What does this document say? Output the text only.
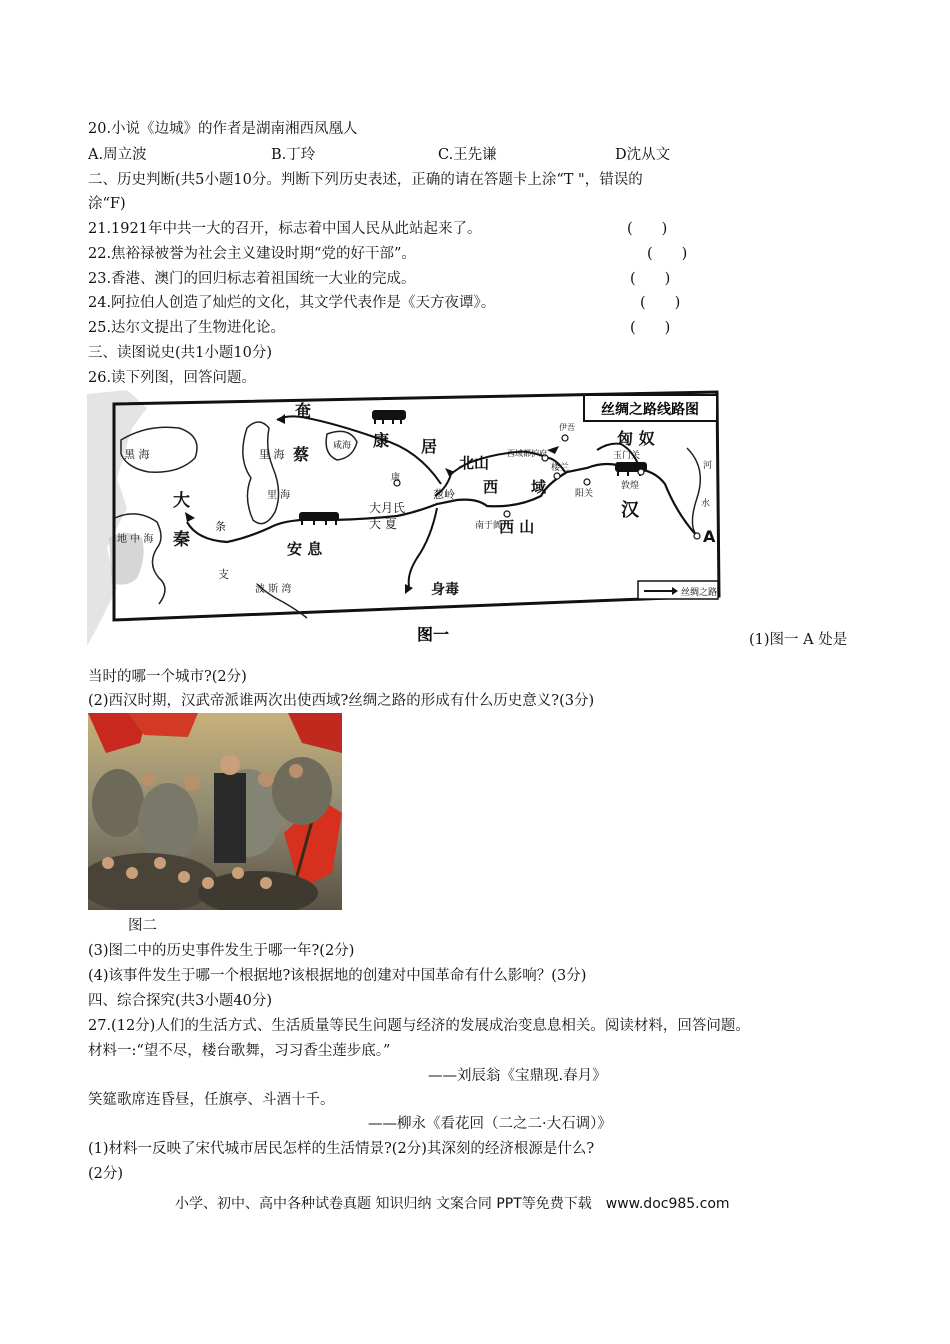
20.小说《边城》的作者是湖南湘西凤凰人
A.周立波	B.丁玲	C.王先谦	D沈从文
二、历史判断(共5小题10分。判断下列历史表述，正确的请在答题卡上涂“T "，错误的
涂“F)
21.1921年中共一大的召开，标志着中国人民从此站起来了。	(　　)
22.焦裕禄被誉为社会主义建设时期“党的好干部”。	(　　)
23.香港、澳门的回归标志着祖国统一大业的完成。	(　　)
24.阿拉伯人创造了灿烂的文化，其文学代表作是《天方夜谭》。	(　　)
25.达尔文提出了生物进化论。	(　　)
三、读图说史(共1小题10分)
26.读下列图，回答问题。
丝绸之路线路图
丝绸之路
黑 海	里 海
里 海
大
秦
条
支
地 中 海
波 斯 湾
奄
蔡
康 居
咸海
康
大月氏
大 夏
安 息
葱岭
身毒
北山
西 域
西 山
西域都护府
楼兰
玉门关
阳关
敦煌
伊吾
南于阗
匈 奴
汉
河
水
A
图一	(1)图一 A 处是
当时的哪一个城市?(2分)
(2)西汉时期，汉武帝派谁两次出使西域?丝绸之路的形成有什么历史意义?(3分)
图二
(3)图二中的历史事件发生于哪一年?(2分)
(4)该事件发生于哪一个根据地?该根据地的创建对中国革命有什么影响？(3分)
四、综合探究(共3小题40分)
27.(12分)人们的生活方式、生活质量等民生问题与经济的发展成治变息息相关。阅读材料，回答问题。
材料一:“望不尽，楼台歌舞，习习香尘莲步底。”
——刘辰翁《宝鼎现.春月》
笑筵歌席连昏昼，任旗亭、斗酒十千。
——柳永《看花回（二之二·大石调）》
(1)材料一反映了宋代城市居民怎样的生活情景?(2分)其深刻的经济根源是什么?
(2分)
小学、初中、高中各种试卷真题 知识归纳 文案合同 PPT等免费下载　www.doc985.com
